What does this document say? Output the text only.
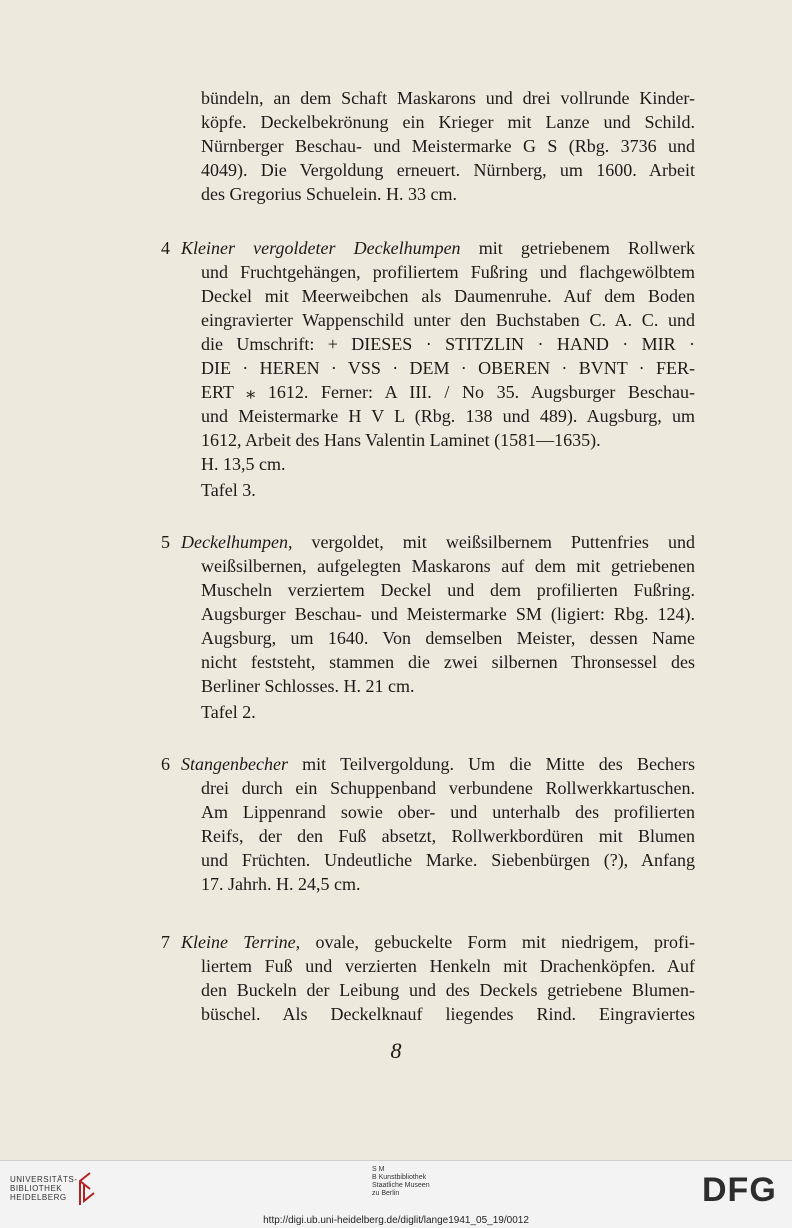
bündeln, an dem Schaft Maskarons und drei vollrunde Kinder-
köpfe. Deckelbekrönung ein Krieger mit Lanze und Schild.
Nürnberger Beschau- und Meistermarke G S (Rbg. 3736 und
4049). Die Vergoldung erneuert. Nürnberg, um 1600. Arbeit
des Gregorius Schuelein. H. 33 cm.
4 Kleiner vergoldeter Deckelhumpen mit getriebenem Rollwerk
und Fruchtgehängen, profiliertem Fußring und flachgewölbtem
Deckel mit Meerweibchen als Daumenruhe. Auf dem Boden
eingravierter Wappenschild unter den Buchstaben C. A. C. und
die Umschrift: + DIESES · STITZLIN · HAND · MIR ·
DIE · HEREN · VSS · DEM · OBEREN · BVNT · FER-
ERT ⁎ 1612. Ferner: A III. / No 35. Augsburger Beschau-
und Meistermarke H V L (Rbg. 138 und 489). Augsburg, um
1612, Arbeit des Hans Valentin Laminet (1581—1635).
H. 13,5 cm.
Tafel 3.
5 Deckelhumpen, vergoldet, mit weißsilbernem Puttenfries und
weißsilbernen, aufgelegten Maskarons auf dem mit getriebenen
Muscheln verziertem Deckel und dem profilierten Fußring.
Augsburger Beschau- und Meistermarke SM (ligiert: Rbg. 124).
Augsburg, um 1640. Von demselben Meister, dessen Name
nicht feststeht, stammen die zwei silbernen Thronsessel des
Berliner Schlosses. H. 21 cm.
Tafel 2.
6 Stangenbecher mit Teilvergoldung. Um die Mitte des Bechers
drei durch ein Schuppenband verbundene Rollwerkkartuschen.
Am Lippenrand sowie ober- und unterhalb des profilierten
Reifs, der den Fuß absetzt, Rollwerkbordüren mit Blumen
und Früchten. Undeutliche Marke. Siebenbürgen (?), Anfang
17. Jahrh. H. 24,5 cm.
7 Kleine Terrine, ovale, gebuckelte Form mit niedrigem, profi-
liertem Fuß und verzierten Henkeln mit Drachenköpfen. Auf
den Buckeln der Leibung und des Deckels getriebene Blumen-
büschel. Als Deckelknauf liegendes Rind. Eingraviertes
8
UNIVERSITÄTS-
BIBLIOTHEK
HEIDELBERG
S M
B Kunstbibliothek
Staatliche Museen
zu Berlin	DFG
http://digi.ub.uni-heidelberg.de/diglit/lange1941_05_19/0012
